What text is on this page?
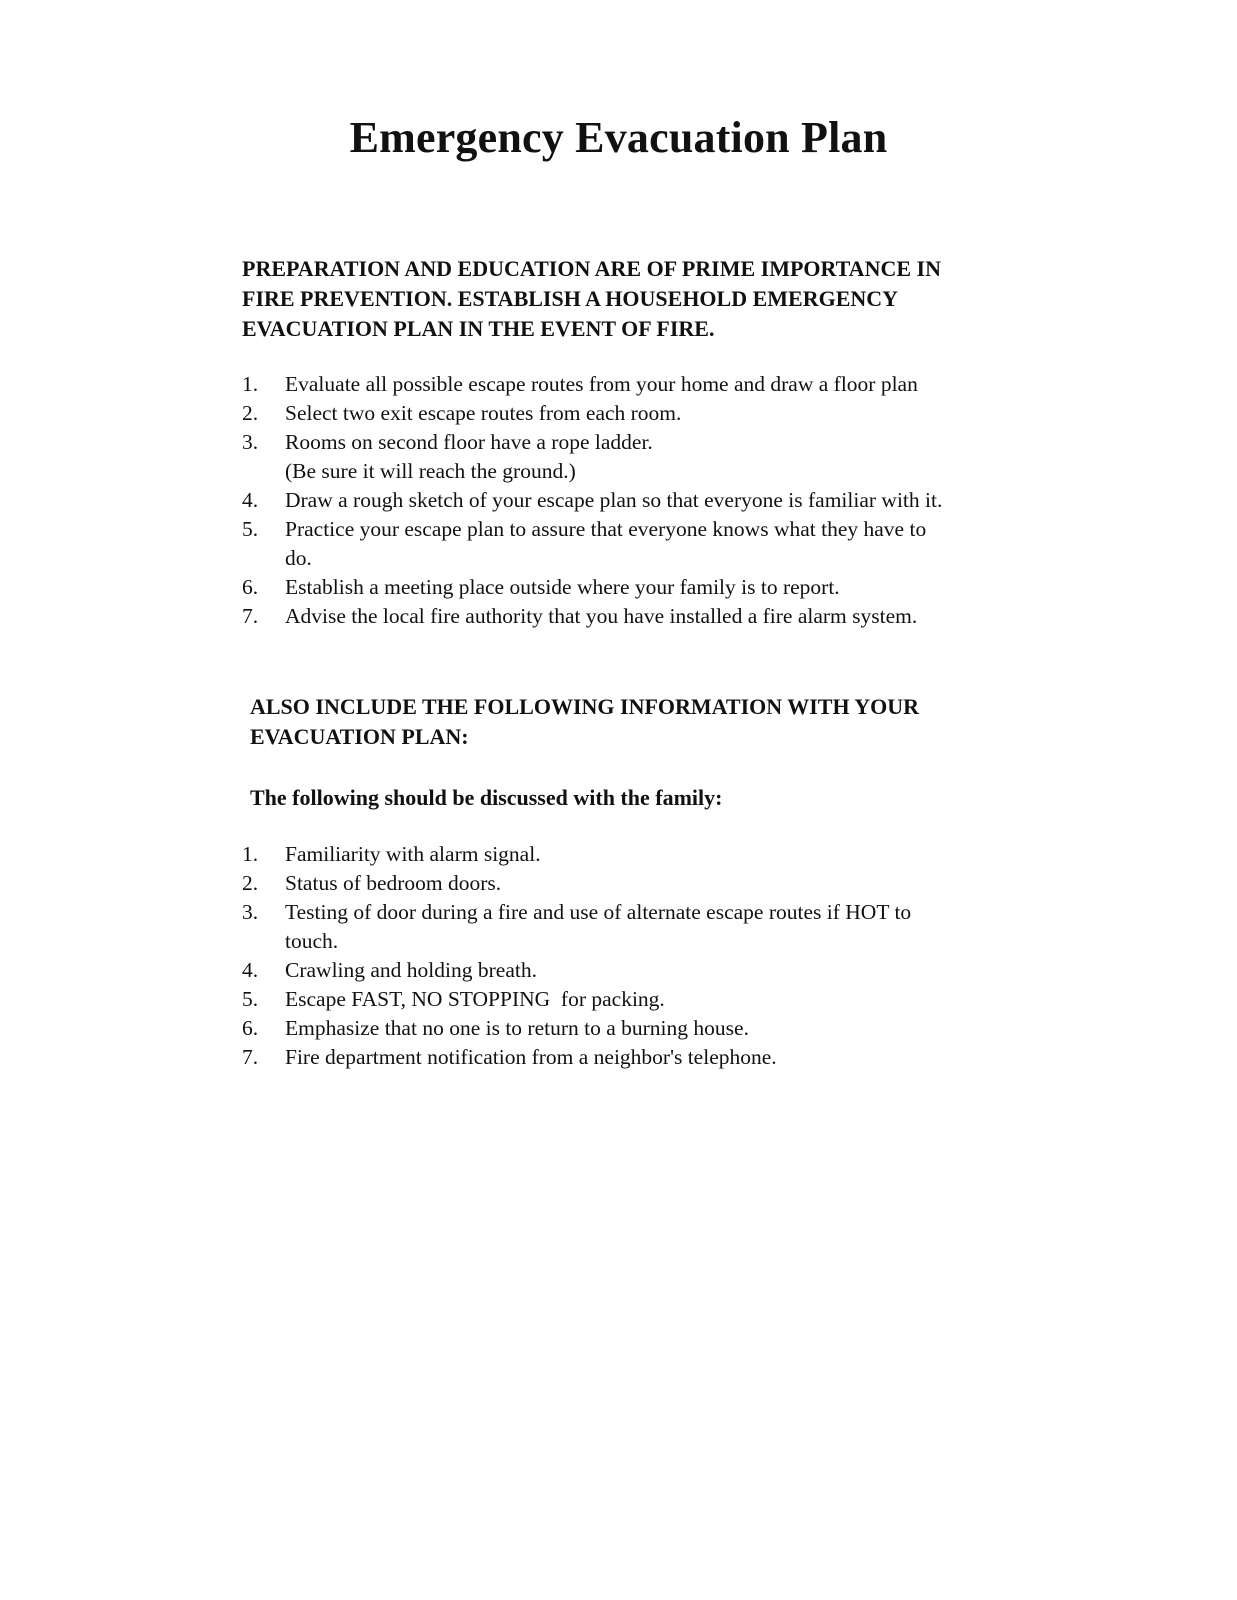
Emergency Evacuation Plan

PREPARATION AND EDUCATION ARE OF PRIME IMPORTANCE IN

FIRE PREVENTION. ESTABLISH A HOUSEHOLD EMERGENCY

EVACUATION PLAN IN THE EVENT OF FIRE.

1.	Evaluate all possible escape routes from your home and draw a floor plan
2.	Select two exit escape routes from each room.
3.	Rooms on second floor have a rope ladder.
(Be sure it will reach the ground.)
4.	Draw a rough sketch of your escape plan so that everyone is familiar with it.
5.	Practice your escape plan to assure that everyone knows what they have to
do.
6.	Establish a meeting place outside where your family is to report.
7.	Advise the local fire authority that you have installed a fire alarm system.

ALSO INCLUDE THE FOLLOWING INFORMATION WITH YOUR

EVACUATION PLAN:

The following should be discussed with the family:
1.	Familiarity with alarm signal.
2.	Status of bedroom doors.
3.	Testing of door during a fire and use of alternate escape routes if HOT to
touch.
4.	Crawling and holding breath.
5.	Escape FAST, NO STOPPING  for packing.
6.	Emphasize that no one is to return to a burning house.
7.	Fire department notification from a neighbor's telephone.
